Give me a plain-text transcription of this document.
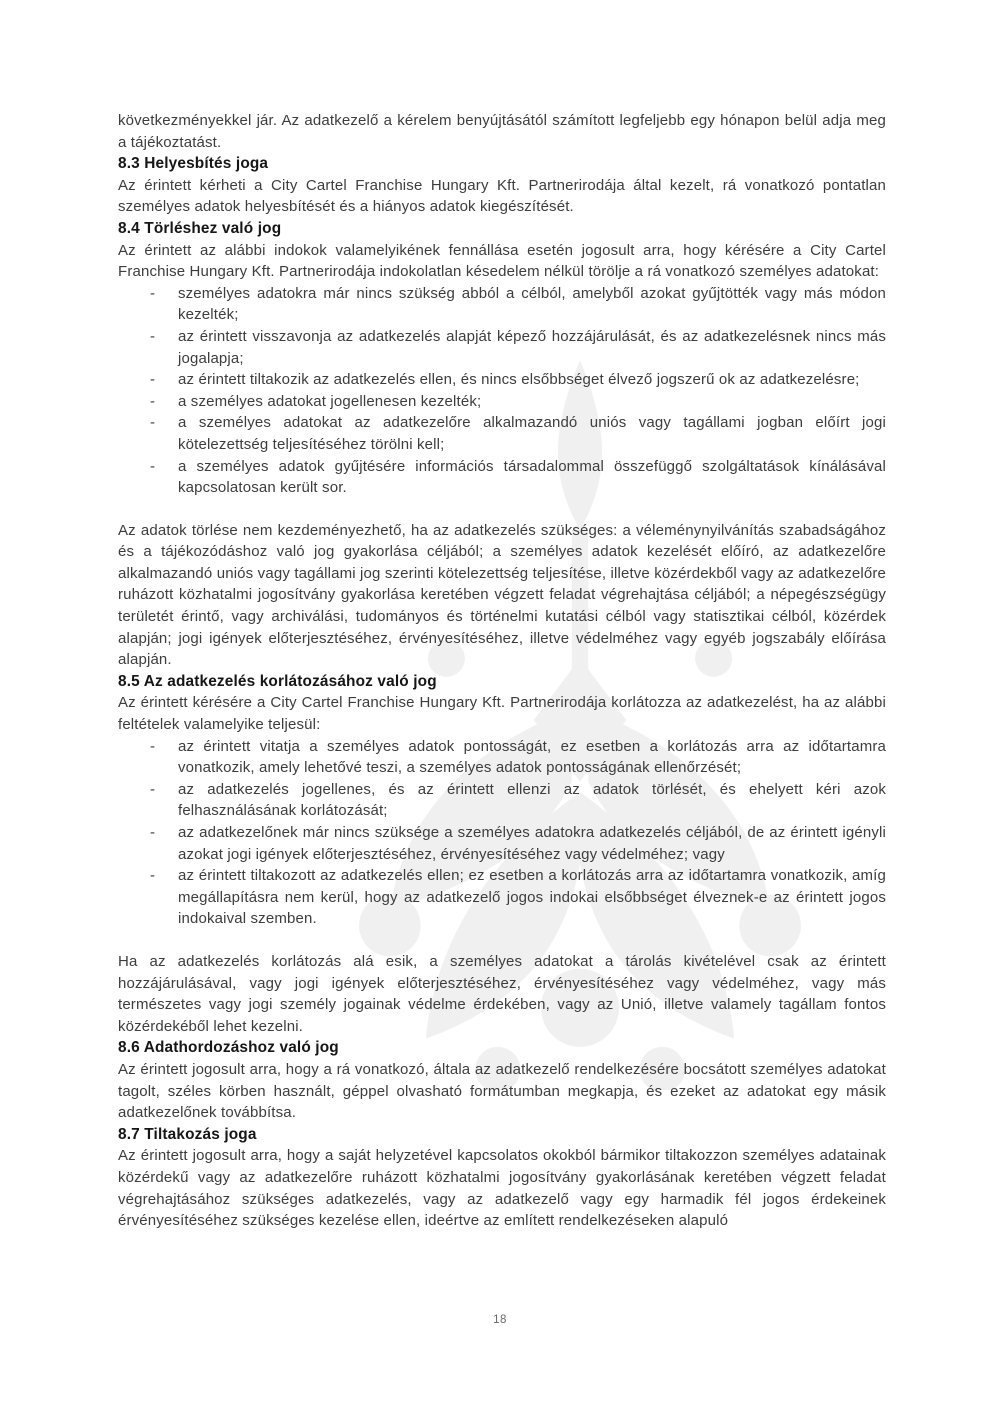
következményekkel jár. Az adatkezelő a kérelem benyújtásától számított legfeljebb egy hónapon belül adja meg a tájékoztatást.

8.3 Helyesbítés joga

Az érintett kérheti a City Cartel Franchise Hungary Kft. Partnerirodája által kezelt, rá vonatkozó pontatlan személyes adatok helyesbítését és a hiányos adatok kiegészítését.

8.4 Törléshez való jog

Az érintett az alábbi indokok valamelyikének fennállása esetén jogosult arra, hogy kérésére a City Cartel Franchise Hungary Kft. Partnerirodája indokolatlan késedelem nélkül törölje a rá vonatkozó személyes adatokat:

- személyes adatokra már nincs szükség abból a célból, amelyből azokat gyűjtötték vagy más módon kezelték;
- az érintett visszavonja az adatkezelés alapját képező hozzájárulását, és az adatkezelésnek nincs más jogalapja;
- az érintett tiltakozik az adatkezelés ellen, és nincs elsőbbséget élvező jogszerű ok az adatkezelésre;
- a személyes adatokat jogellenesen kezelték;
- a személyes adatokat az adatkezelőre alkalmazandó uniós vagy tagállami jogban előírt jogi kötelezettség teljesítéséhez törölni kell;
- a személyes adatok gyűjtésére információs társadalommal összefüggő szolgáltatások kínálásával kapcsolatosan került sor.

Az adatok törlése nem kezdeményezhető, ha az adatkezelés szükséges: a véleménynyilvánítás szabadságához és a tájékozódáshoz való jog gyakorlása céljából; a személyes adatok kezelését előíró, az adatkezelőre alkalmazandó uniós vagy tagállami jog szerinti kötelezettség teljesítése, illetve közérdekből vagy az adatkezelőre ruházott közhatalmi jogosítvány gyakorlása keretében végzett feladat végrehajtása céljából; a népegészségügy területét érintő, vagy archiválási, tudományos és történelmi kutatási célból vagy statisztikai célból, közérdek alapján; jogi igények előterjesztéséhez, érvényesítéséhez, illetve védelméhez vagy egyéb jogszabály előírása alapján.

8.5 Az adatkezelés korlátozásához való jog

Az érintett kérésére a City Cartel Franchise Hungary Kft. Partnerirodája korlátozza az adatkezelést, ha az alábbi feltételek valamelyike teljesül:

- az érintett vitatja a személyes adatok pontosságát, ez esetben a korlátozás arra az időtartamra vonatkozik, amely lehetővé teszi, a személyes adatok pontosságának ellenőrzését;
- az adatkezelés jogellenes, és az érintett ellenzi az adatok törlését, és ehelyett kéri azok felhasználásának korlátozását;
- az adatkezelőnek már nincs szüksége a személyes adatokra adatkezelés céljából, de az érintett igényli azokat jogi igények előterjesztéséhez, érvényesítéséhez vagy védelméhez; vagy
- az érintett tiltakozott az adatkezelés ellen; ez esetben a korlátozás arra az időtartamra vonatkozik, amíg megállapításra nem kerül, hogy az adatkezelő jogos indokai elsőbbséget élveznek-e az érintett jogos indokaival szemben.

Ha az adatkezelés korlátozás alá esik, a személyes adatokat a tárolás kivételével csak az érintett hozzájárulásával, vagy jogi igények előterjesztéséhez, érvényesítéséhez vagy védelméhez, vagy más természetes vagy jogi személy jogainak védelme érdekében, vagy az Unió, illetve valamely tagállam fontos közérdekéből lehet kezelni.

8.6 Adathordozáshoz való jog

Az érintett jogosult arra, hogy a rá vonatkozó, általa az adatkezelő rendelkezésére bocsátott személyes adatokat tagolt, széles körben használt, géppel olvasható formátumban megkapja, és ezeket az adatokat egy másik adatkezelőnek továbbítsa.

8.7 Tiltakozás joga

Az érintett jogosult arra, hogy a saját helyzetével kapcsolatos okokból bármikor tiltakozzon személyes adatainak közérdekű vagy az adatkezelőre ruházott közhatalmi jogosítvány gyakorlásának keretében végzett feladat végrehajtásához szükséges adatkezelés, vagy az adatkezelő vagy egy harmadik fél jogos érdekeinek érvényesítéséhez szükséges kezelése ellen, ideértve az említett rendelkezéseken alapuló

18
